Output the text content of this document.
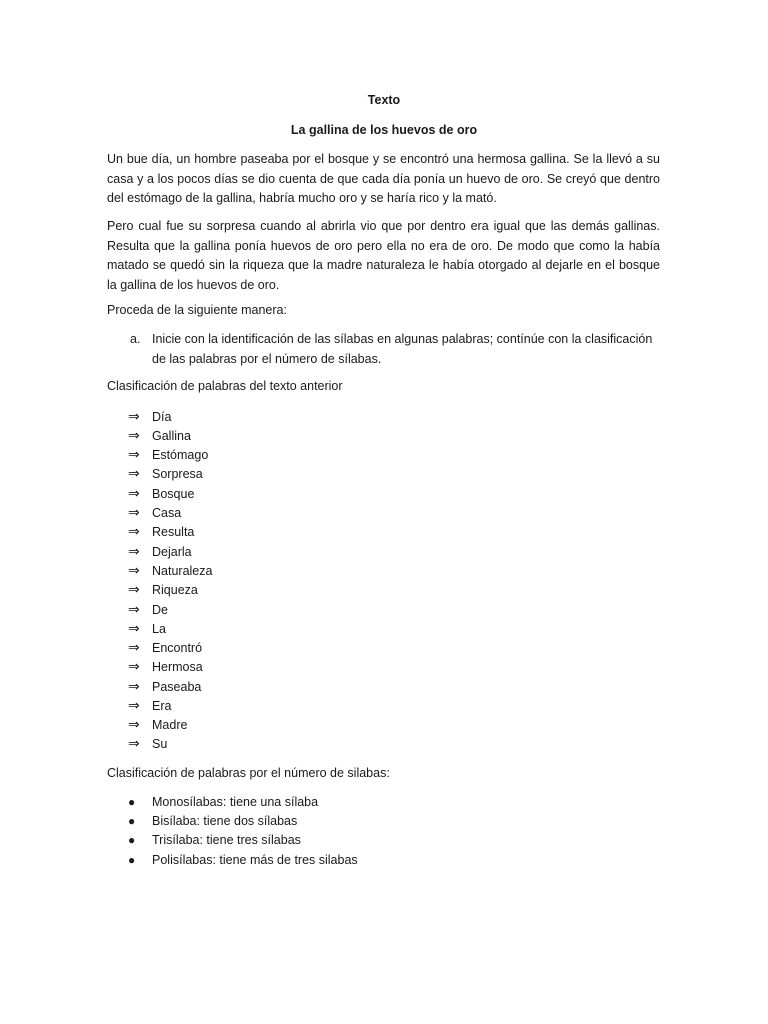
Texto
La gallina de los huevos de oro

Un bue día, un hombre paseaba por el bosque y se encontró una hermosa gallina. Se la llevó a su casa y a los pocos días se dio cuenta de que cada día ponía un huevo de oro. Se creyó que dentro del estómago de la gallina, habría mucho oro y se haría rico y la mató.

Pero cual fue su sorpresa cuando al abrirla vio que por dentro era igual que las demás gallinas. Resulta que la gallina ponía huevos de oro pero ella no era de oro. De modo que como la había matado se quedó sin la riqueza que la madre naturaleza le había otorgado al dejarle en el bosque la gallina de los huevos de oro.

Proceda de la siguiente manera:
a. Inicie con la identificación de las sílabas en algunas palabras; contínúe con la clasificación de las palabras por el número de sílabas.
Clasificación de palabras del texto anterior
⇒ Día
⇒ Gallina
⇒ Estómago
⇒ Sorpresa
⇒ Bosque
⇒ Casa
⇒ Resulta
⇒ Dejarla
⇒ Naturaleza
⇒ Riqueza
⇒ De
⇒ La
⇒ Encontró
⇒ Hermosa
⇒ Paseaba
⇒ Era
⇒ Madre
⇒ Su
Clasificación de palabras por el número de silabas:
● Monosílabas: tiene una sílaba
● Bisílaba: tiene dos sílabas
● Trisílaba: tiene tres sílabas
● Polisílabas: tiene más de tres silabas
